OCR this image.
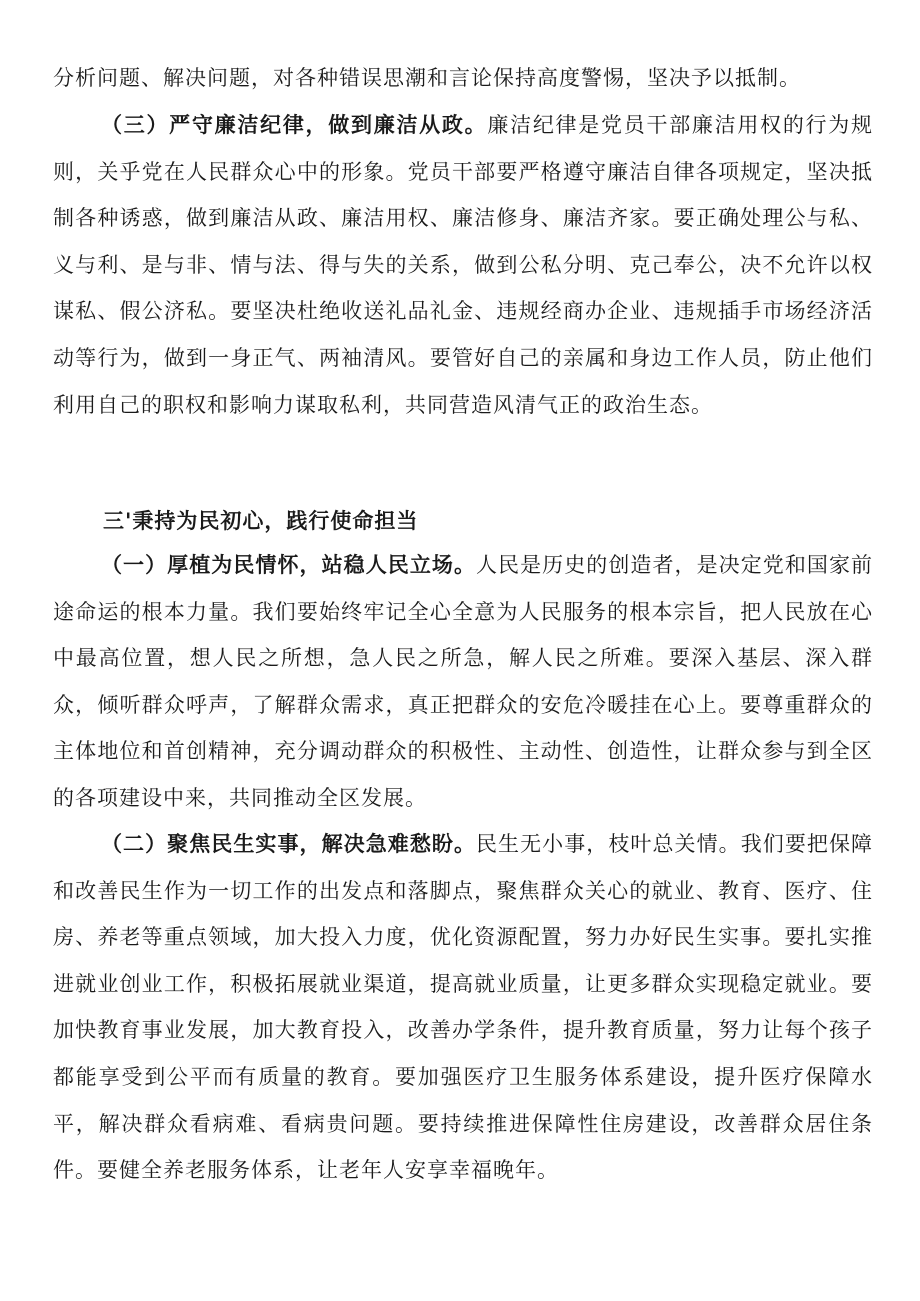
分析问题、解决问题，对各种错误思潮和言论保持高度警惕，坚决予以抵制。

（三）严守廉洁纪律，做到廉洁从政。廉洁纪律是党员干部廉洁用权的行为规则，关乎党在人民群众心中的形象。党员干部要严格遵守廉洁自律各项规定，坚决抵制各种诱惑，做到廉洁从政、廉洁用权、廉洁修身、廉洁齐家。要正确处理公与私、义与利、是与非、情与法、得与失的关系，做到公私分明、克己奉公，决不允许以权谋私、假公济私。要坚决杜绝收送礼品礼金、违规经商办企业、违规插手市场经济活动等行为，做到一身正气、两袖清风。要管好自己的亲属和身边工作人员，防止他们利用自己的职权和影响力谋取私利，共同营造风清气正的政治生态。

三'秉持为民初心，践行使命担当

（一）厚植为民情怀，站稳人民立场。人民是历史的创造者，是决定党和国家前途命运的根本力量。我们要始终牢记全心全意为人民服务的根本宗旨，把人民放在心中最高位置，想人民之所想，急人民之所急，解人民之所难。要深入基层、深入群众，倾听群众呼声，了解群众需求，真正把群众的安危冷暖挂在心上。要尊重群众的主体地位和首创精神，充分调动群众的积极性、主动性、创造性，让群众参与到全区的各项建设中来，共同推动全区发展。

（二）聚焦民生实事，解决急难愁盼。民生无小事，枝叶总关情。我们要把保障和改善民生作为一切工作的出发点和落脚点，聚焦群众关心的就业、教育、医疗、住房、养老等重点领域，加大投入力度，优化资源配置，努力办好民生实事。要扎实推进就业创业工作，积极拓展就业渠道，提高就业质量，让更多群众实现稳定就业。要加快教育事业发展，加大教育投入，改善办学条件，提升教育质量，努力让每个孩子都能享受到公平而有质量的教育。要加强医疗卫生服务体系建设，提升医疗保障水平，解决群众看病难、看病贵问题。要持续推进保障性住房建设，改善群众居住条件。要健全养老服务体系，让老年人安享幸福晚年。
